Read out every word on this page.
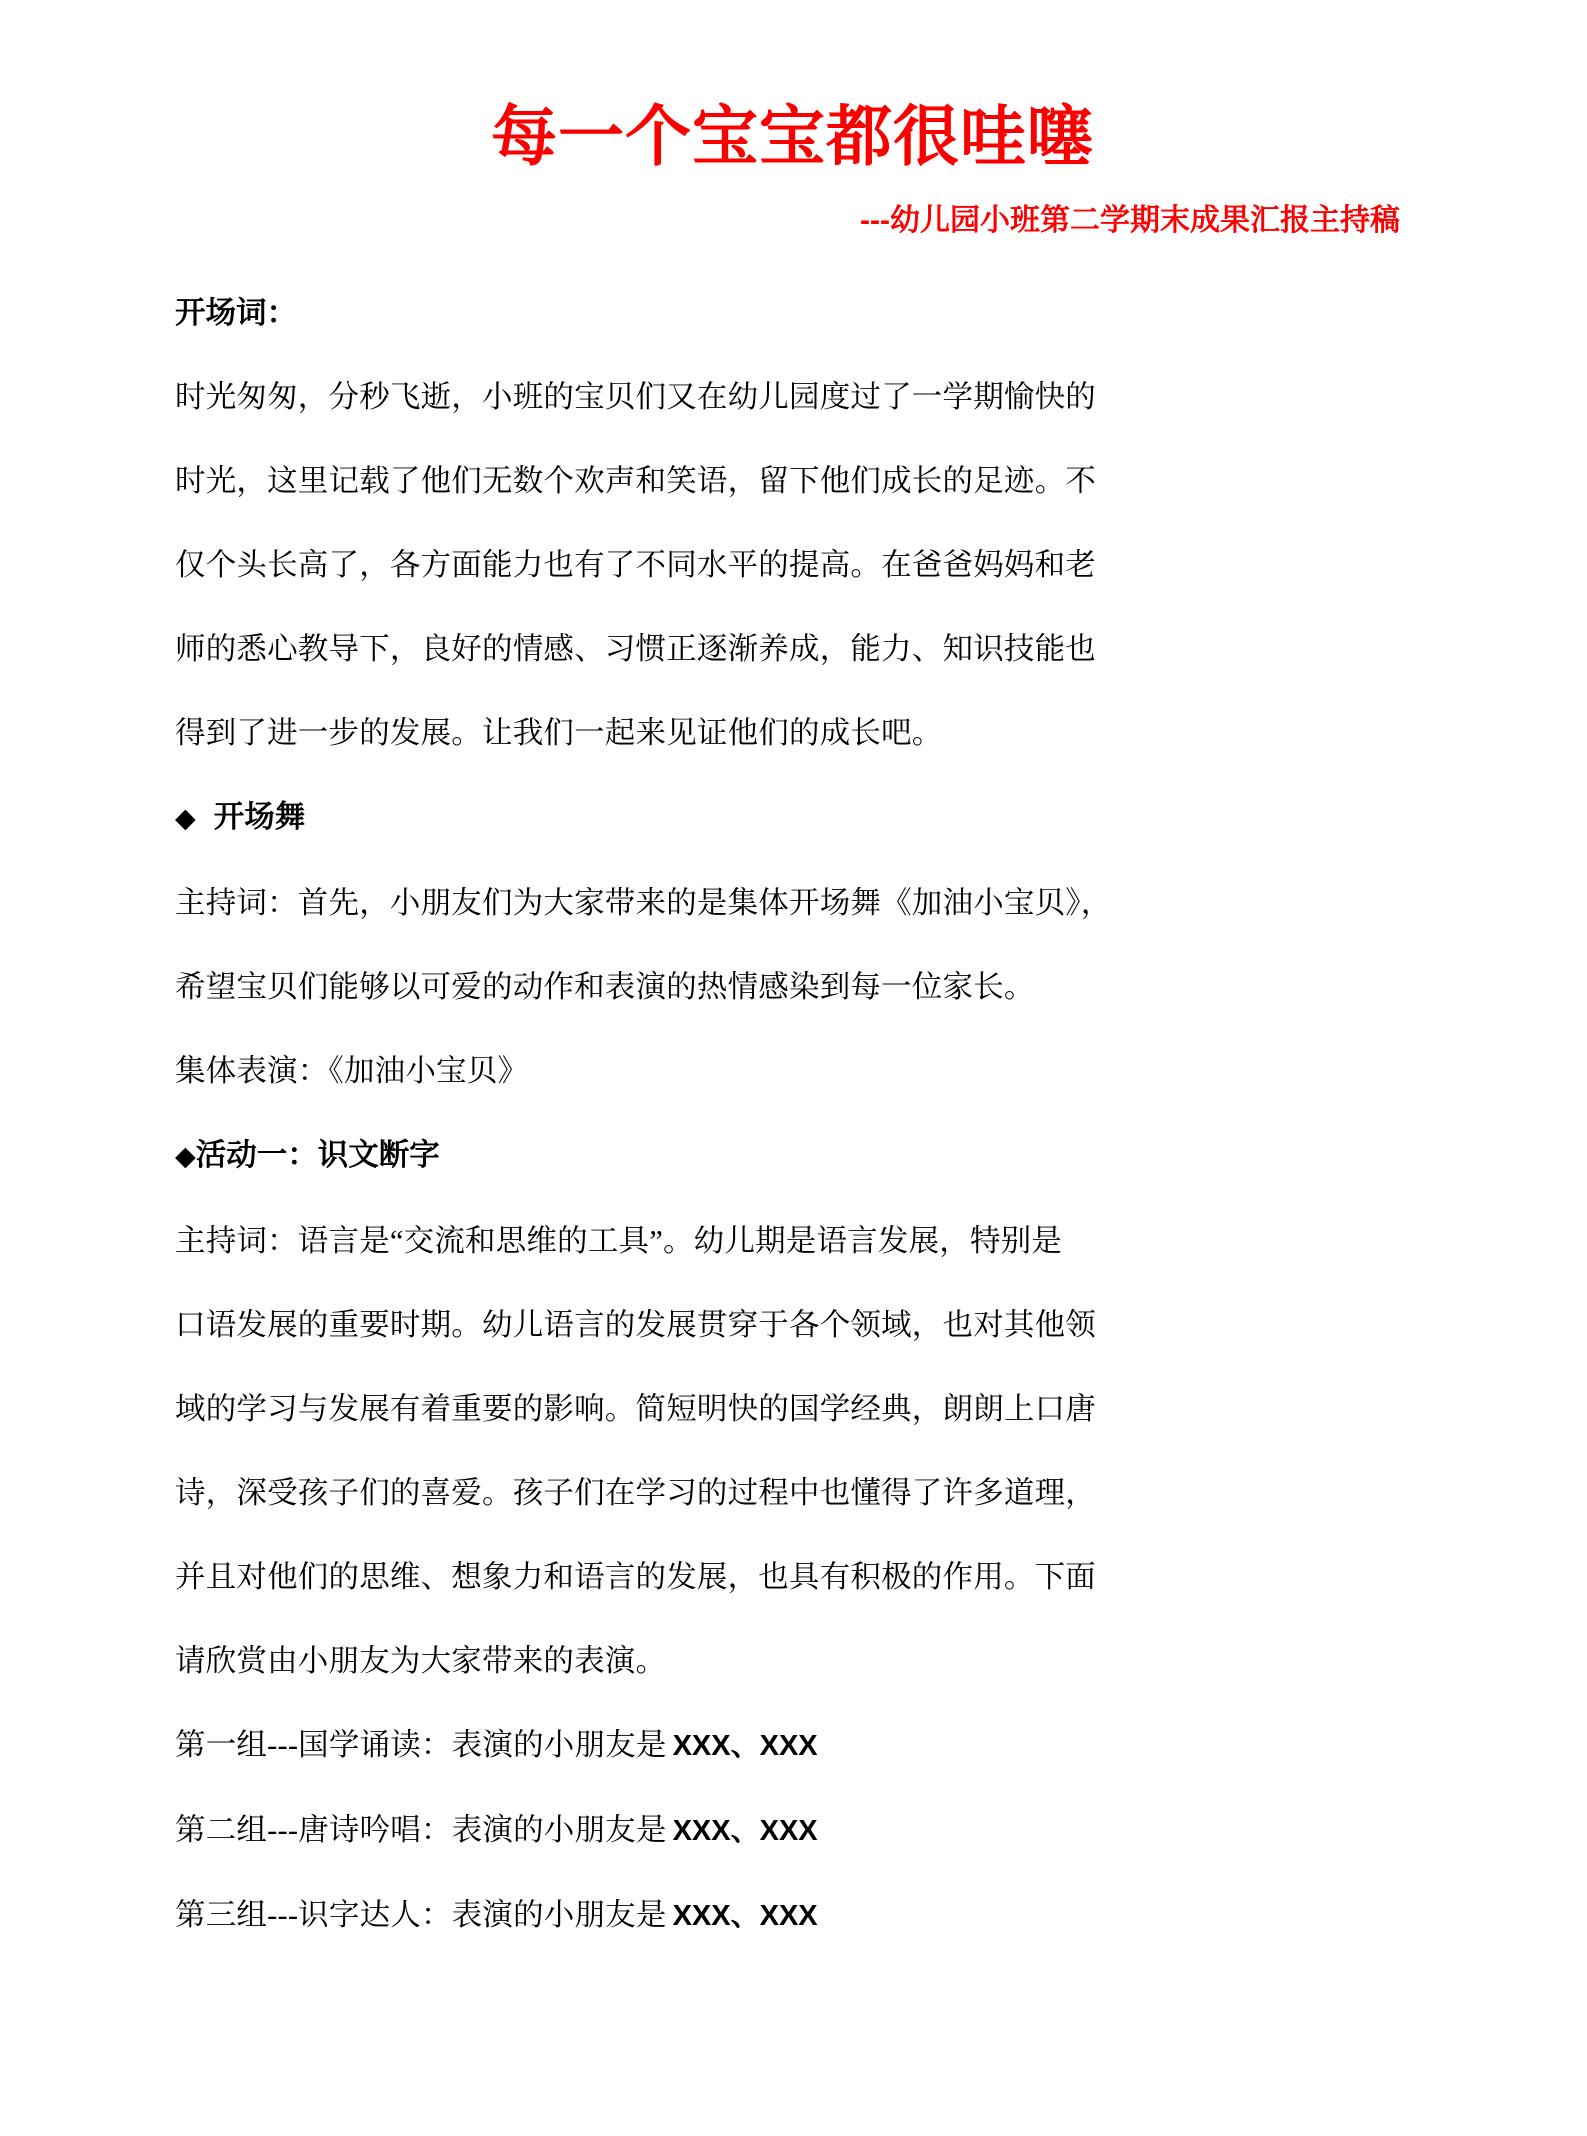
每一个宝宝都很哇噻
---幼儿园小班第二学期末成果汇报主持稿

开场词：

时光匆匆，分秒飞逝，小班的宝贝们又在幼儿园度过了一学期愉快的

时光，这里记载了他们无数个欢声和笑语，留下他们成长的足迹。不

仅个头长高了，各方面能力也有了不同水平的提高。在爸爸妈妈和老

师的悉心教导下，良好的情感、习惯正逐渐养成，能力、知识技能也

得到了进一步的发展。让我们一起来见证他们的成长吧。

◆ 开场舞

主持词：首先，小朋友们为大家带来的是集体开场舞《加油小宝贝》，

希望宝贝们能够以可爱的动作和表演的热情感染到每一位家长。

集体表演：《加油小宝贝》

◆活动一：识文断字

主持词：语言是“交流和思维的工具”。幼儿期是语言发展，特别是

口语发展的重要时期。幼儿语言的发展贯穿于各个领域，也对其他领

域的学习与发展有着重要的影响。简短明快的国学经典，朗朗上口唐

诗，深受孩子们的喜爱。孩子们在学习的过程中也懂得了许多道理，

并且对他们的思维、想象力和语言的发展，也具有积极的作用。下面

请欣赏由小朋友为大家带来的表演。

第一组---国学诵读：表演的小朋友是 XXX、XXX

第二组---唐诗吟唱：表演的小朋友是 XXX、XXX

第三组---识字达人：表演的小朋友是 XXX、XXX
